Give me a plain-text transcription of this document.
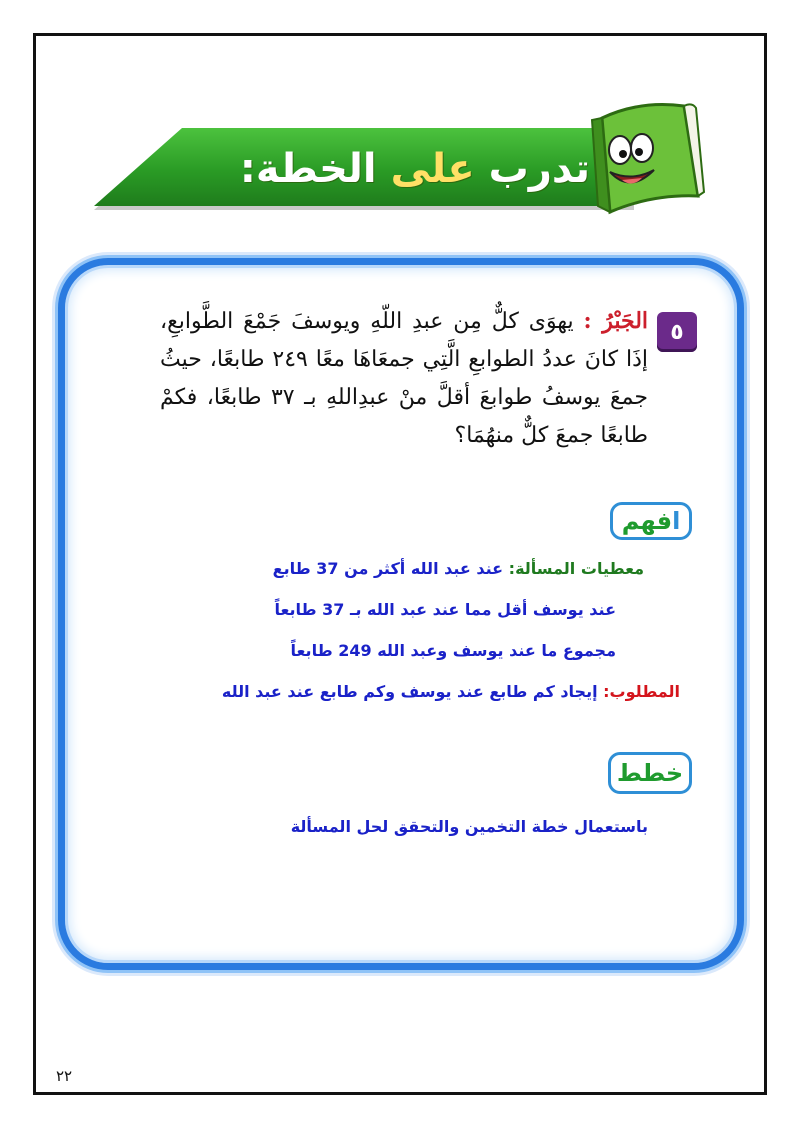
تدرب على الخطة:
٥
الجَبْرُ : يهوَى كلٌّ مِن عبدِ اللّهِ ويوسفَ جَمْعَ الطَّوابعِ، إذَا كانَ عددُ الطوابعِ الَّتِي جمعَاهَا معًا ٢٤٩ طابعًا، حيثُ جمعَ يوسفُ طوابعَ أقلَّ منْ عبدِاللهِ بـ ٣٧ طابعًا، فكمْ طابعًا جمعَ كلٌّ منهُمَا؟
ا
فهم
معطيات المسألة: عند عبد الله أكثر من 37 طابع
عند يوسف أقل مما عند عبد الله بـ 37 طابعاً
مجموع ما عند يوسف وعبد الله 249 طابعاً
المطلوب: إيجاد كم طابع عند يوسف وكم طابع عند عبد الله
خطط
باستعمال خطة التخمين والتحقق لحل المسألة
٢٢
